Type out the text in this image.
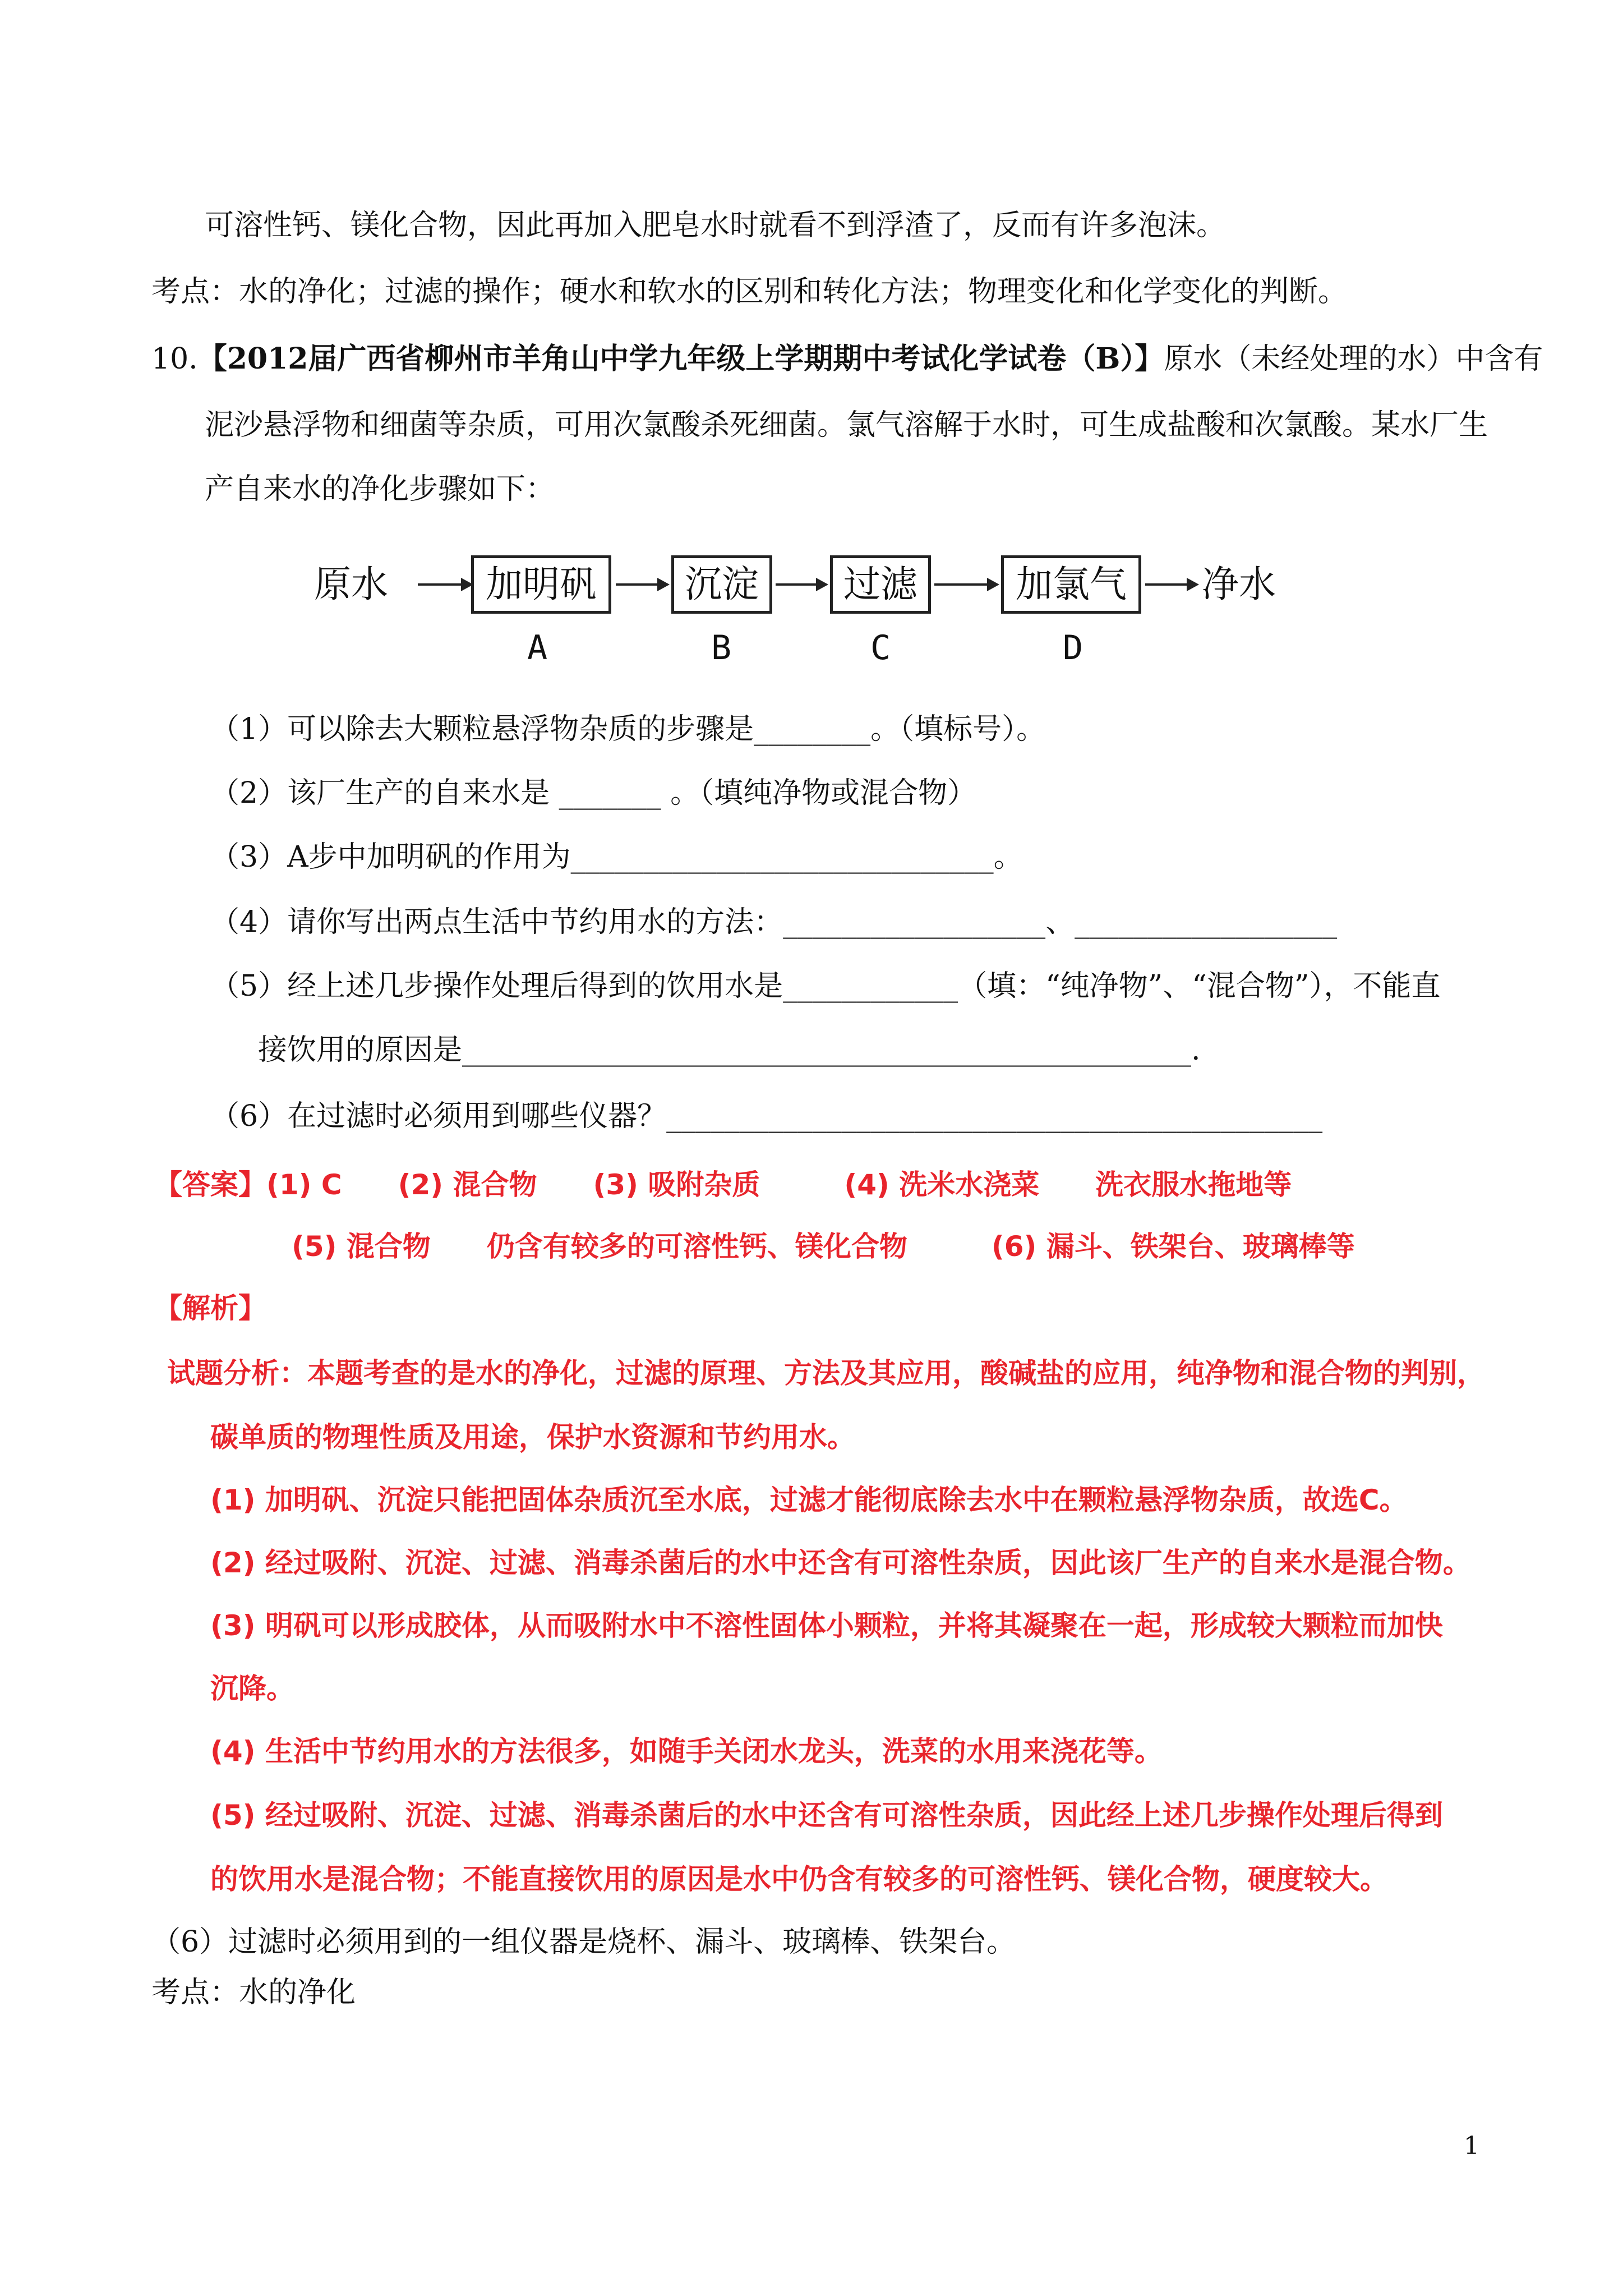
可溶性钙、镁化合物，因此再加入肥皂水时就看不到浮渣了，反而有许多泡沫。
考点：水的净化；过滤的操作；硬水和软水的区别和转化方法；物理变化和化学变化的判断。
10.【2012届广西省柳州市羊角山中学九年级上学期期中考试化学试卷（B）】原水（未经处理的水）中含有
泥沙悬浮物和细菌等杂质，可用次氯酸杀死细菌。氯气溶解于水时，可生成盐酸和次氯酸。某水厂生
产自来水的净化步骤如下：
原水	加明矾	沉淀	过滤	加氯气	净水
A	B	C	D
（1）可以除去大颗粒悬浮物杂质的步骤是________。（填标号）。
（2）该厂生产的自来水是 _______ 。（填纯净物或混合物）
（3）A步中加明矾的作用为_____________________________。
（4）请你写出两点生活中节约用水的方法：__________________、__________________
（5）经上述几步操作处理后得到的饮用水是____________（填：“纯净物”、“混合物”），不能直
接饮用的原因是__________________________________________________.
（6）在过滤时必须用到哪些仪器？_____________________________________________
【答案】(1) C　　(2) 混合物　　(3) 吸附杂质　　　(4) 洗米水浇菜　　洗衣服水拖地等
(5) 混合物　　仍含有较多的可溶性钙、镁化合物　　　(6) 漏斗、铁架台、玻璃棒等
【解析】
试题分析：本题考查的是水的净化，过滤的原理、方法及其应用，酸碱盐的应用，纯净物和混合物的判别，
碳单质的物理性质及用途，保护水资源和节约用水。
(1) 加明矾、沉淀只能把固体杂质沉至水底，过滤才能彻底除去水中在颗粒悬浮物杂质，故选C。
(2) 经过吸附、沉淀、过滤、消毒杀菌后的水中还含有可溶性杂质，因此该厂生产的自来水是混合物。
(3) 明矾可以形成胶体，从而吸附水中不溶性固体小颗粒，并将其凝聚在一起，形成较大颗粒而加快
沉降。
(4) 生活中节约用水的方法很多，如随手关闭水龙头，洗菜的水用来浇花等。
(5) 经过吸附、沉淀、过滤、消毒杀菌后的水中还含有可溶性杂质，因此经上述几步操作处理后得到
的饮用水是混合物；不能直接饮用的原因是水中仍含有较多的可溶性钙、镁化合物，硬度较大。
（6）过滤时必须用到的一组仪器是烧杯、漏斗、玻璃棒、铁架台。
考点：水的净化
1
